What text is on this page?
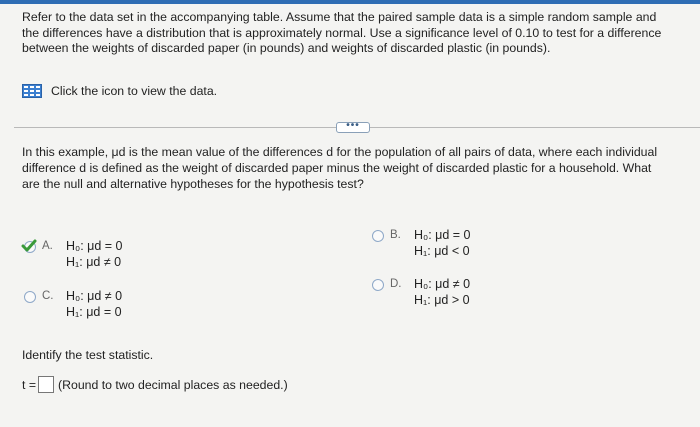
Refer to the data set in the accompanying table. Assume that the paired sample data is a simple random sample and

the differences have a distribution that is approximately normal. Use a significance level of 0.10 to test for a difference

between the weights of discarded paper (in pounds) and weights of discarded plastic (in pounds).

Click the icon to view the data.
•••
In this example, μd is the mean value of the differences d for the population of all pairs of data, where each individual
difference d is defined as the weight of discarded paper minus the weight of discarded plastic for a household. What
are the null and alternative hypotheses for the hypothesis test?
A. H₀: μd = 0
H₁: μd ≠ 0
B. H₀: μd = 0
H₁: μd < 0
C. H₀: μd ≠ 0
H₁: μd = 0
D. H₀: μd ≠ 0
H₁: μd > 0
Identify the test statistic.
t = (Round to two decimal places as needed.)
